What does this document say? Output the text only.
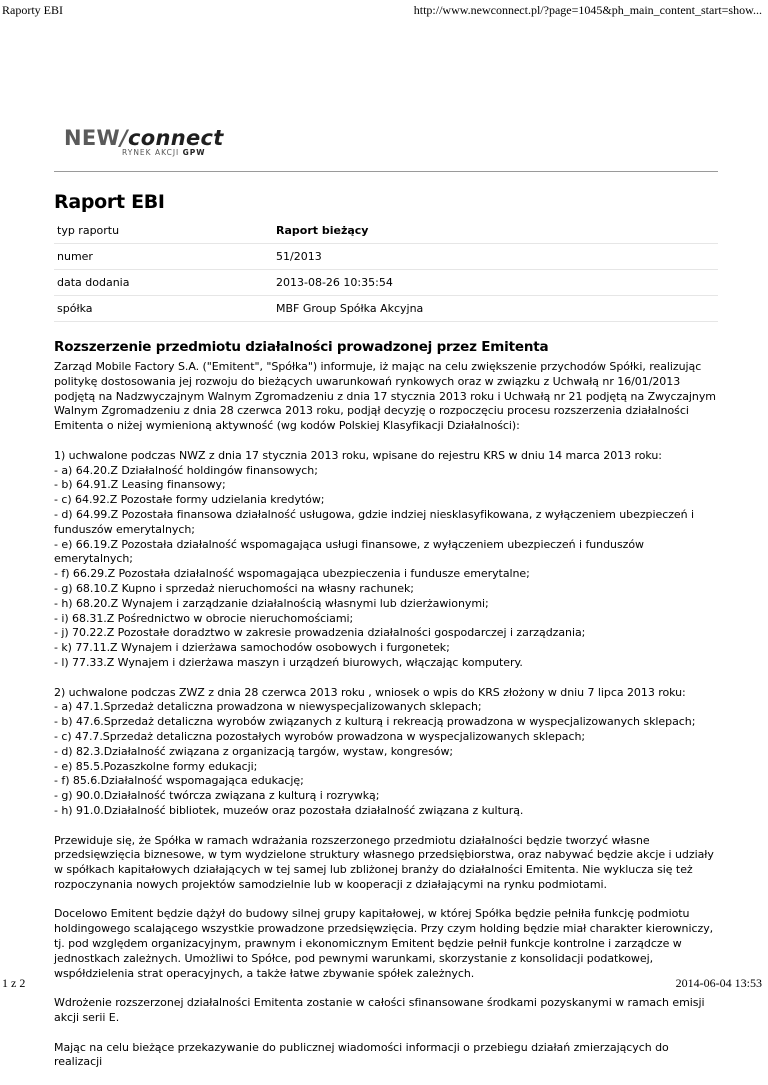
Raporty EBI	http://www.newconnect.pl/?page=1045&ph_main_content_start=show...
NEW/connect
RYNEK AKCJI GPW
Raport EBI
typ raportu	Raport bieżący
numer	51/2013
data dodania	2013-08-26 10:35:54
spółka	MBF Group Spółka Akcyjna
Rozszerzenie przedmiotu działalności prowadzonej przez Emitenta

Zarząd Mobile Factory S.A. ("Emitent", "Spółka") informuje, iż mając na celu zwiększenie przychodów Spółki, realizując politykę dostosowania jej rozwoju do bieżących uwarunkowań rynkowych oraz w związku z Uchwałą nr 16/01/2013 podjętą na Nadzwyczajnym Walnym Zgromadzeniu z dnia 17 stycznia 2013 roku i Uchwałą nr 21 podjętą na Zwyczajnym Walnym Zgromadzeniu z dnia 28 czerwca 2013 roku, podjął decyzję o rozpoczęciu procesu rozszerzenia działalności Emitenta o niżej wymienioną aktywność (wg kodów Polskiej Klasyfikacji Działalności):

1) uchwalone podczas NWZ z dnia 17 stycznia 2013 roku, wpisane do rejestru KRS w dniu 14 marca 2013 roku:
- a) 64.20.Z Działalność holdingów finansowych;
- b) 64.91.Z Leasing finansowy;
- c) 64.92.Z Pozostałe formy udzielania kredytów;
- d) 64.99.Z Pozostała finansowa działalność usługowa, gdzie indziej niesklasyfikowana, z wyłączeniem ubezpieczeń i funduszów emerytalnych;
- e) 66.19.Z Pozostała działalność wspomagająca usługi finansowe, z wyłączeniem ubezpieczeń i funduszów emerytalnych;
- f) 66.29.Z Pozostała działalność wspomagająca ubezpieczenia i fundusze emerytalne;
- g) 68.10.Z Kupno i sprzedaż nieruchomości na własny rachunek;
- h) 68.20.Z Wynajem i zarządzanie działalnością własnymi lub dzierżawionymi;
- i) 68.31.Z Pośrednictwo w obrocie nieruchomościami;
- j) 70.22.Z Pozostałe doradztwo w zakresie prowadzenia działalności gospodarczej i zarządzania;
- k) 77.11.Z Wynajem i dzierżawa samochodów osobowych i furgonetek;
- l) 77.33.Z Wynajem i dzierżawa maszyn i urządzeń biurowych, włączając komputery.
2) uchwalone podczas ZWZ z dnia 28 czerwca 2013 roku , wniosek o wpis do KRS złożony w dniu 7 lipca 2013 roku:
- a) 47.1.Sprzedaż detaliczna prowadzona w niewyspecjalizowanych sklepach;
- b) 47.6.Sprzedaż detaliczna wyrobów związanych z kulturą i rekreacją prowadzona w wyspecjalizowanych sklepach;
- c) 47.7.Sprzedaż detaliczna pozostałych wyrobów prowadzona w wyspecjalizowanych sklepach;
- d) 82.3.Działalność związana z organizacją targów, wystaw, kongresów;
- e) 85.5.Pozaszkolne formy edukacji;
- f) 85.6.Działalność wspomagająca edukację;
- g) 90.0.Działalność twórcza związana z kulturą i rozrywką;
- h) 91.0.Działalność bibliotek, muzeów oraz pozostała działalność związana z kulturą.

Przewiduje się, że Spółka w ramach wdrażania rozszerzonego przedmiotu działalności będzie tworzyć własne przedsięwzięcia biznesowe, w tym wydzielone struktury własnego przedsiębiorstwa, oraz nabywać będzie akcje i udziały w spółkach kapitałowych działających w tej samej lub zbliżonej branży do działalności Emitenta. Nie wyklucza się też rozpoczynania nowych projektów samodzielnie lub w kooperacji z działającymi na rynku podmiotami.

Docelowo Emitent będzie dążył do budowy silnej grupy kapitałowej, w której Spółka będzie pełniła funkcję podmiotu holdingowego scalającego wszystkie prowadzone przedsięwzięcia. Przy czym holding będzie miał charakter kierowniczy, tj. pod względem organizacyjnym, prawnym i ekonomicznym Emitent będzie pełnił funkcje kontrolne i zarządcze w jednostkach zależnych. Umożliwi to Spółce, pod pewnymi warunkami, skorzystanie z konsolidacji podatkowej, współdzielenia strat operacyjnych, a także łatwe zbywanie spółek zależnych.

Wdrożenie rozszerzonej działalności Emitenta zostanie w całości sfinansowane środkami pozyskanymi w ramach emisji akcji serii E.

Mając na celu bieżące przekazywanie do publicznej wiadomości informacji o przebiegu działań zmierzających do realizacji

1 z 2	2014-06-04 13:53
